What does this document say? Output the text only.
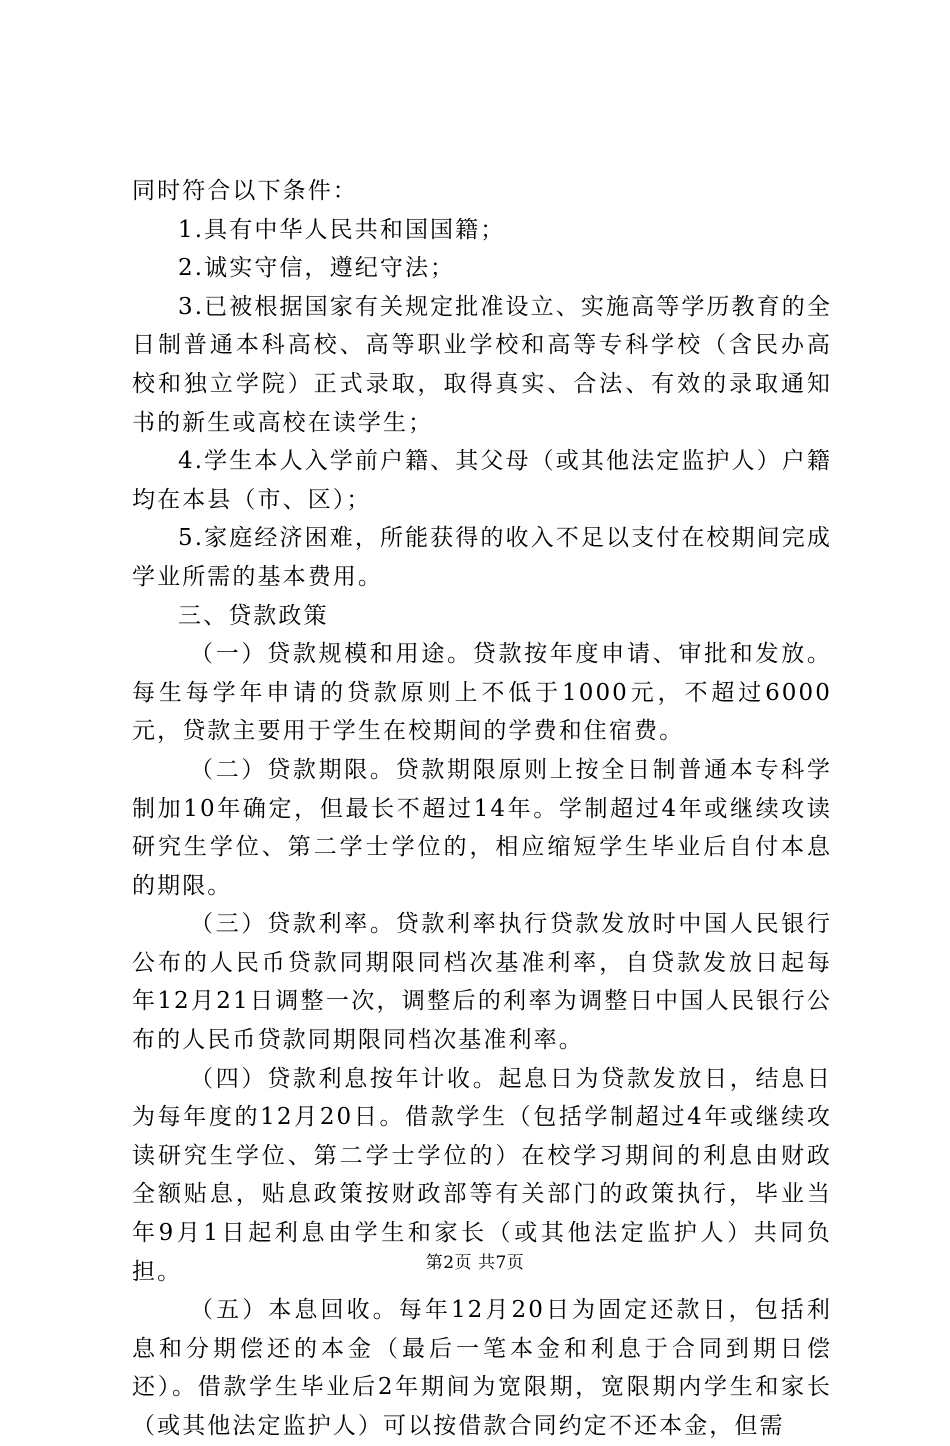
同时符合以下条件：

1.具有中华人民共和国国籍；

2.诚实守信，遵纪守法；

3.已被根据国家有关规定批准设立、实施高等学历教育的全日制普通本科高校、高等职业学校和高等专科学校（含民办高校和独立学院）正式录取，取得真实、合法、有效的录取通知书的新生或高校在读学生；

4.学生本人入学前户籍、其父母（或其他法定监护人）户籍均在本县（市、区）；

5.家庭经济困难，所能获得的收入不足以支付在校期间完成学业所需的基本费用。

三、贷款政策

（一）贷款规模和用途。贷款按年度申请、审批和发放。每生每学年申请的贷款原则上不低于1000元，不超过6000元，贷款主要用于学生在校期间的学费和住宿费。

（二）贷款期限。贷款期限原则上按全日制普通本专科学制加10年确定，但最长不超过14年。学制超过4年或继续攻读研究生学位、第二学士学位的，相应缩短学生毕业后自付本息的期限。

（三）贷款利率。贷款利率执行贷款发放时中国人民银行公布的人民币贷款同期限同档次基准利率，自贷款发放日起每年12月21日调整一次，调整后的利率为调整日中国人民银行公布的人民币贷款同期限同档次基准利率。

（四）贷款利息按年计收。起息日为贷款发放日，结息日为每年度的12月20日。借款学生（包括学制超过4年或继续攻读研究生学位、第二学士学位的）在校学习期间的利息由财政全额贴息，贴息政策按财政部等有关部门的政策执行，毕业当年9月1日起利息由学生和家长（或其他法定监护人）共同负担。

（五）本息回收。每年12月20日为固定还款日，包括利息和分期偿还的本金（最后一笔本金和利息于合同到期日偿还）。借款学生毕业后2年期间为宽限期，宽限期内学生和家长（或其他法定监护人）可以按借款合同约定不还本金，但需

第2页 共7页
